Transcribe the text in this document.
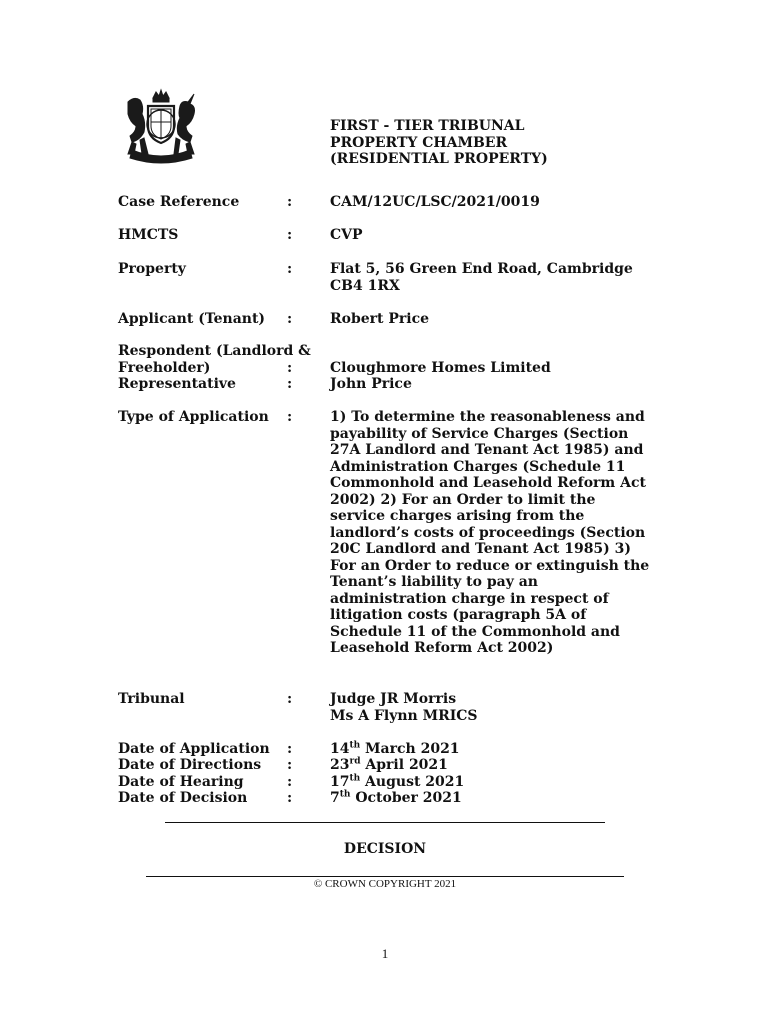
FIRST - TIER TRIBUNAL
PROPERTY CHAMBER
(RESIDENTIAL PROPERTY)
Case Reference	:	CAM/12UC/LSC/2021/0019
HMCTS	:	CVP
Property	:	Flat 5, 56 Green End Road, Cambridge CB4 1RX
Applicant (Tenant)	:	Robert Price
Respondent (Landlord &
Freeholder)	:	Cloughmore Homes Limited
Representative	:	John Price
Type of Application	:	1) To determine the reasonableness and payability of Service Charges (Section 27A Landlord and Tenant Act 1985) and Administration Charges (Schedule 11 Commonhold and Leasehold Reform Act 2002) 2) For an Order to limit the service charges arising from the landlord’s costs of proceedings (Section 20C Landlord and Tenant Act 1985) 3) For an Order to reduce or extinguish the Tenant’s liability to pay an administration charge in respect of litigation costs (paragraph 5A of Schedule 11 of the Commonhold and Leasehold Reform Act 2002)
Tribunal	:	Judge JR Morris
Ms A Flynn MRICS
Date of Application	:	14th March 2021
Date of Directions	:	23rd April 2021
Date of Hearing	:	17th August 2021
Date of Decision	:	7th October 2021
DECISION
© CROWN COPYRIGHT 2021
1
